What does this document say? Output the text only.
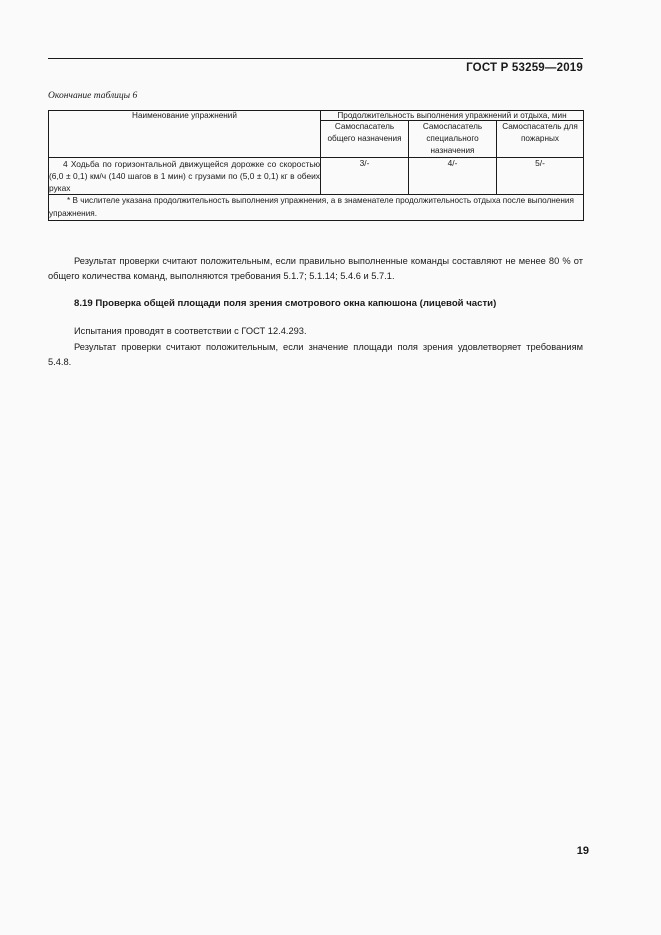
ГОСТ Р 53259—2019
Окончание таблицы 6
Наименование упражнений	Продолжительность выполнения упражнений и отдыха, мин		
	Самоспасатель общего назначения	Самоспасатель специального назначения	Самоспасатель для пожарных
4 Ходьба по горизонтальной движущейся дорожке со скоростью (6,0 ± 0,1) км/ч (140 шагов в 1 мин) с грузами по (5,0 ± 0,1) кг в обеих руках	3/-	4/-	5/-
* В числителе указана продолжительность выполнения упражнения, а в знаменателе продолжительность отдыха после выполнения упражнения.			

Результат проверки считают положительным, если правильно выполненные команды составляют не менее 80 % от общего количества команд, выполняются требования 5.1.7; 5.1.14; 5.4.6 и 5.7.1.

8.19 Проверка общей площади поля зрения смотрового окна капюшона (лицевой части)

Испытания проводят в соответствии с ГОСТ 12.4.293.

Результат проверки считают положительным, если значение площади поля зрения удовлетворяет требованиям 5.4.8.

19
